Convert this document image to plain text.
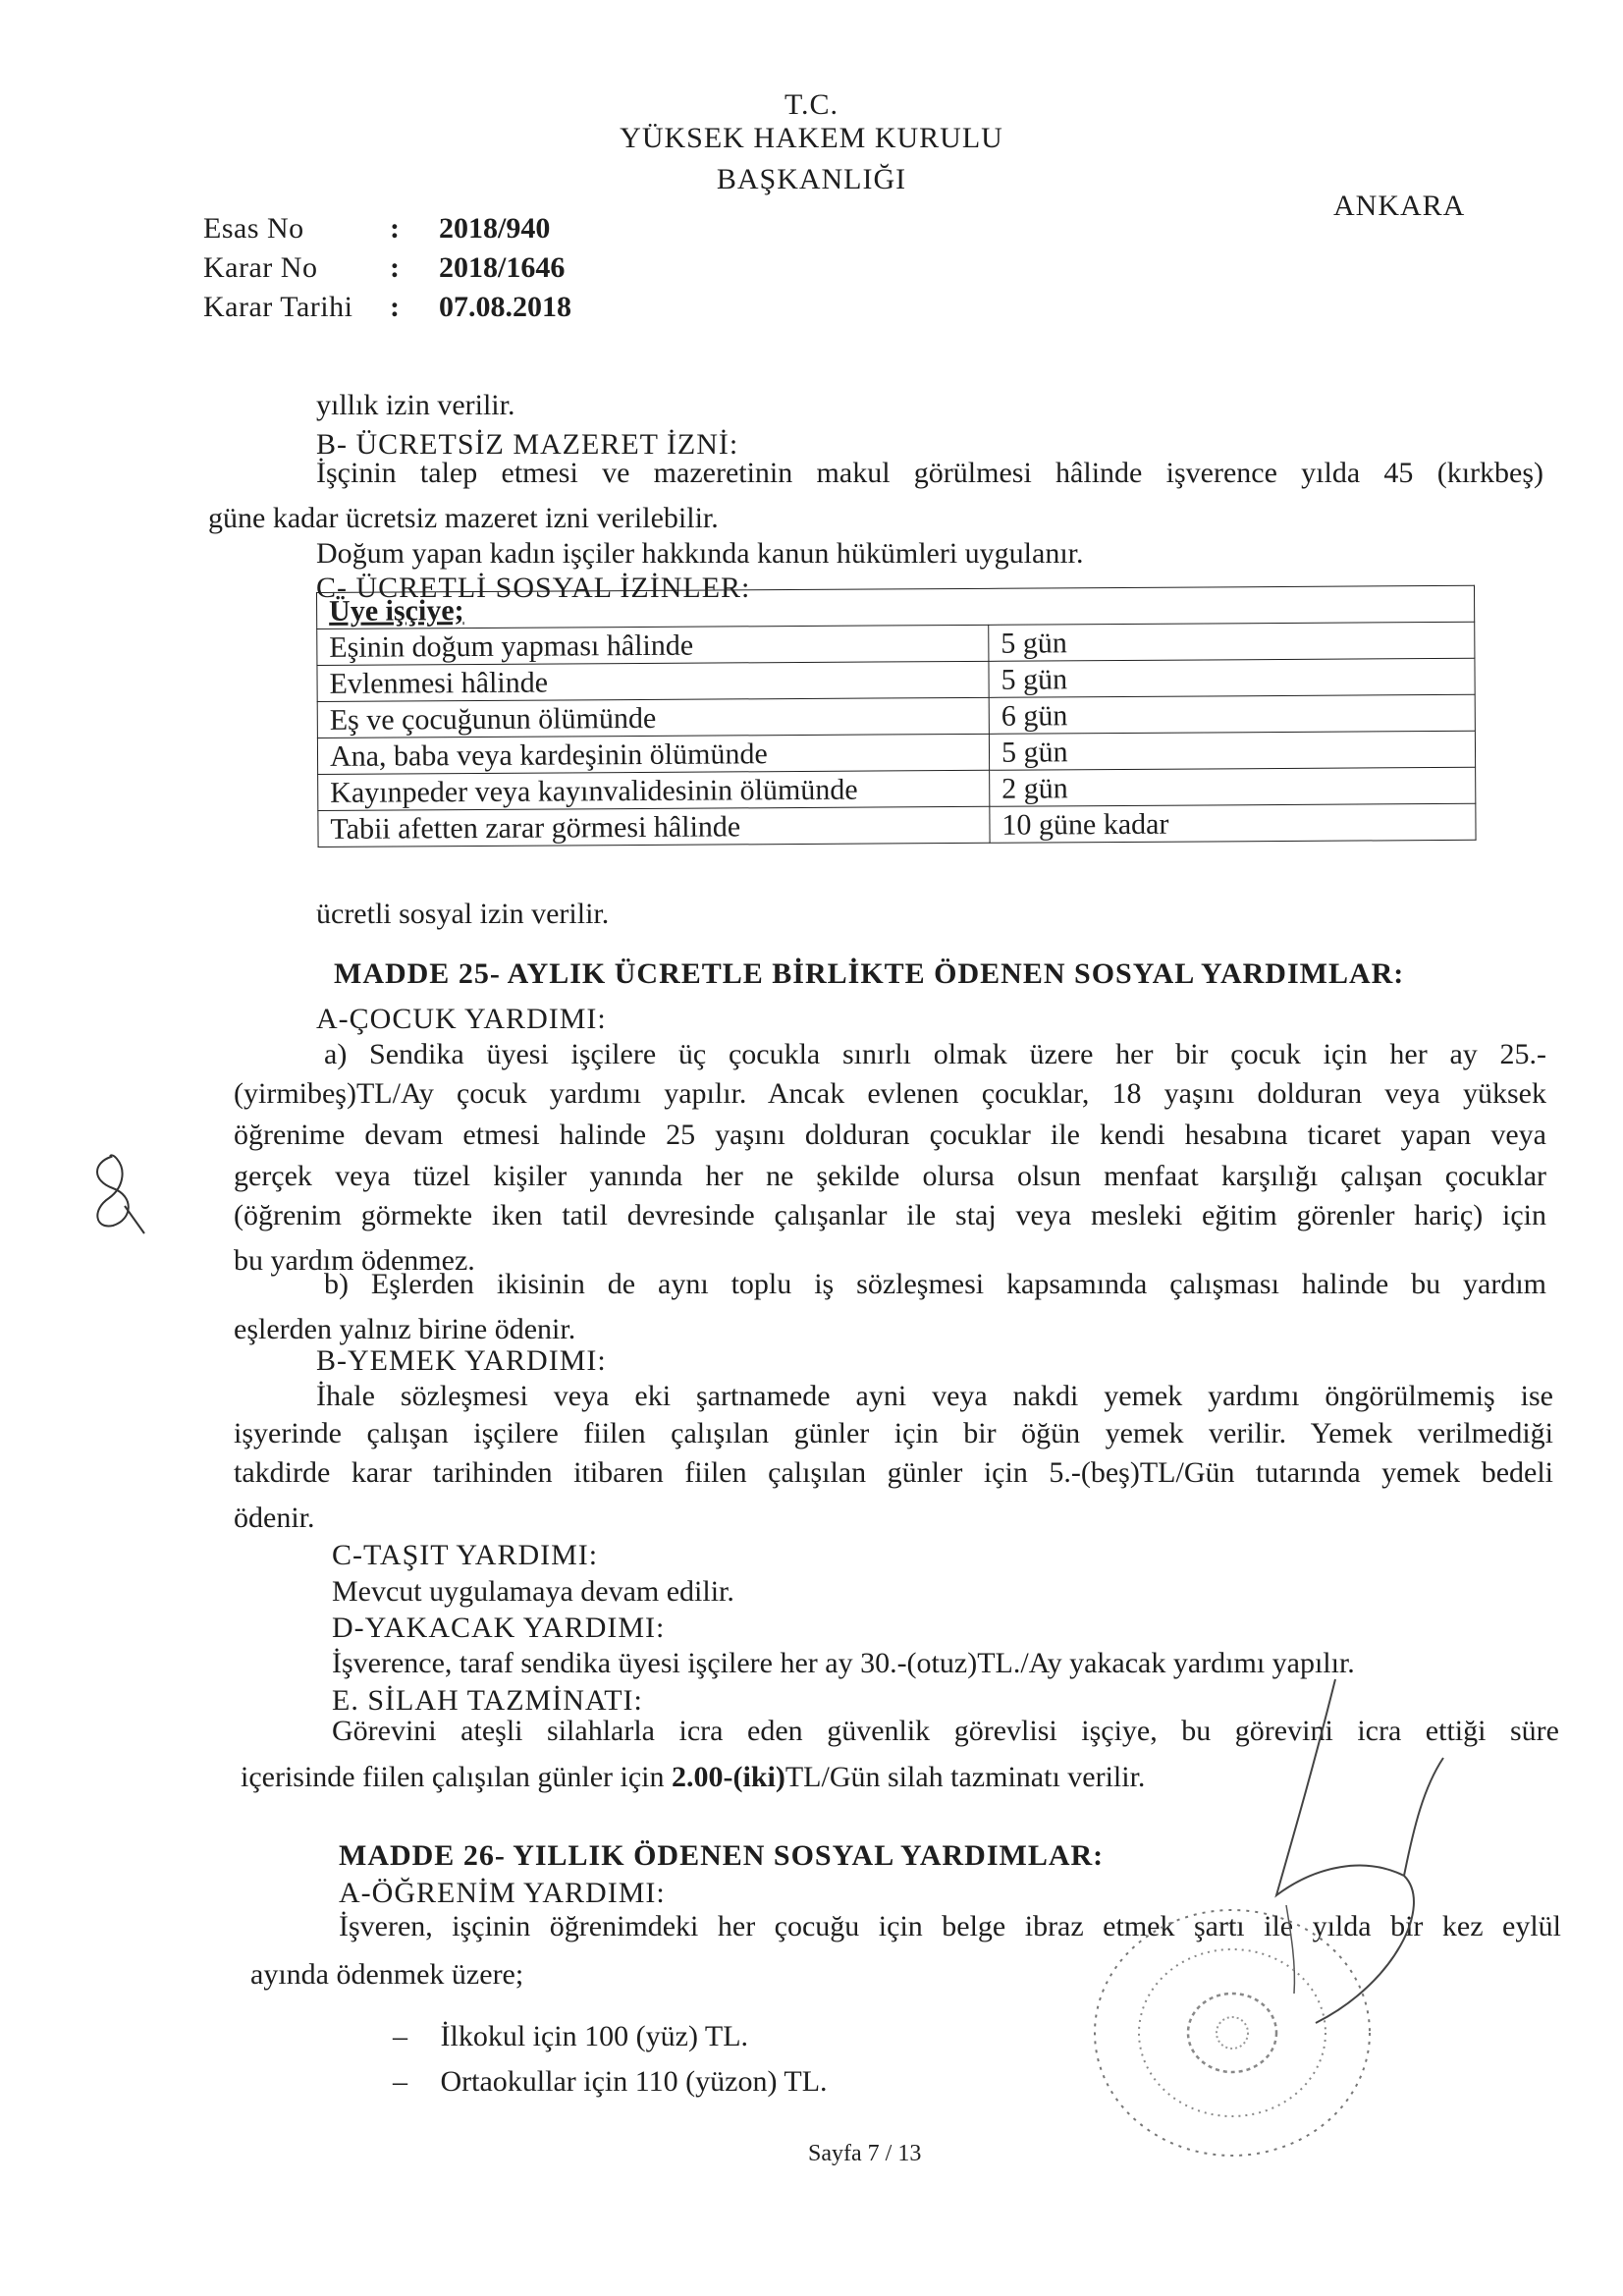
T.C.
YÜKSEK HAKEM KURULU
BAŞKANLIĞI
ANKARA
Esas No	:	2018/940
Karar No	:	2018/1646
Karar Tarihi	:	07.08.2018
yıllık izin verilir.
B- ÜCRETSİZ MAZERET İZNİ:
İşçinin talep etmesi ve mazeretinin makul görülmesi hâlinde işverence yılda 45 (kırkbeş)
güne kadar ücretsiz mazeret izni verilebilir.
Doğum yapan kadın işçiler hakkında kanun hükümleri uygulanır.
C- ÜCRETLİ SOSYAL İZİNLER:
Üye işçiye;	
Eşinin doğum yapması hâlinde	5 gün
Evlenmesi hâlinde	5 gün
Eş ve çocuğunun ölümünde	6 gün
Ana, baba veya kardeşinin ölümünde	5 gün
Kayınpeder veya kayınvalidesinin ölümünde	2 gün
Tabii afetten zarar görmesi hâlinde	10 güne kadar
ücretli sosyal izin verilir.
MADDE 25- AYLIK ÜCRETLE BİRLİKTE ÖDENEN SOSYAL YARDIMLAR:
A-ÇOCUK YARDIMI:
a) Sendika üyesi işçilere üç çocukla sınırlı olmak üzere her bir çocuk için her ay 25.-
(yirmibeş)TL/Ay çocuk yardımı yapılır. Ancak evlenen çocuklar, 18 yaşını dolduran veya yüksek
öğrenime devam etmesi halinde 25 yaşını dolduran çocuklar ile kendi hesabına ticaret yapan veya
gerçek veya tüzel kişiler yanında her ne şekilde olursa olsun menfaat karşılığı çalışan çocuklar
(öğrenim görmekte iken tatil devresinde çalışanlar ile staj veya mesleki eğitim görenler hariç) için
bu yardım ödenmez.
b) Eşlerden ikisinin de aynı toplu iş sözleşmesi kapsamında çalışması halinde bu yardım
eşlerden yalnız birine ödenir.
B-YEMEK YARDIMI:
İhale sözleşmesi veya eki şartnamede ayni veya nakdi yemek yardımı öngörülmemiş ise
işyerinde çalışan işçilere fiilen çalışılan günler için bir öğün yemek verilir. Yemek verilmediği
takdirde karar tarihinden itibaren fiilen çalışılan günler için 5.-(beş)TL/Gün tutarında yemek bedeli
ödenir.
C-TAŞIT YARDIMI:
Mevcut uygulamaya devam edilir.
D-YAKACAK YARDIMI:
İşverence, taraf sendika üyesi işçilere her ay 30.-(otuz)TL./Ay yakacak yardımı yapılır.
E. SİLAH TAZMİNATI:
Görevini ateşli silahlarla icra eden güvenlik görevlisi işçiye, bu görevini icra ettiği süre
içerisinde fiilen çalışılan günler için 2.00-(iki)TL/Gün silah tazminatı verilir.
MADDE 26- YILLIK ÖDENEN SOSYAL YARDIMLAR:
A-ÖĞRENİM YARDIMI:
İşveren, işçinin öğrenimdeki her çocuğu için belge ibraz etmek şartı ile yılda bir kez eylül
ayında ödenmek üzere;
– İlkokul için 100 (yüz) TL.
– Ortaokullar için 110 (yüzon) TL.
Sayfa 7 / 13
